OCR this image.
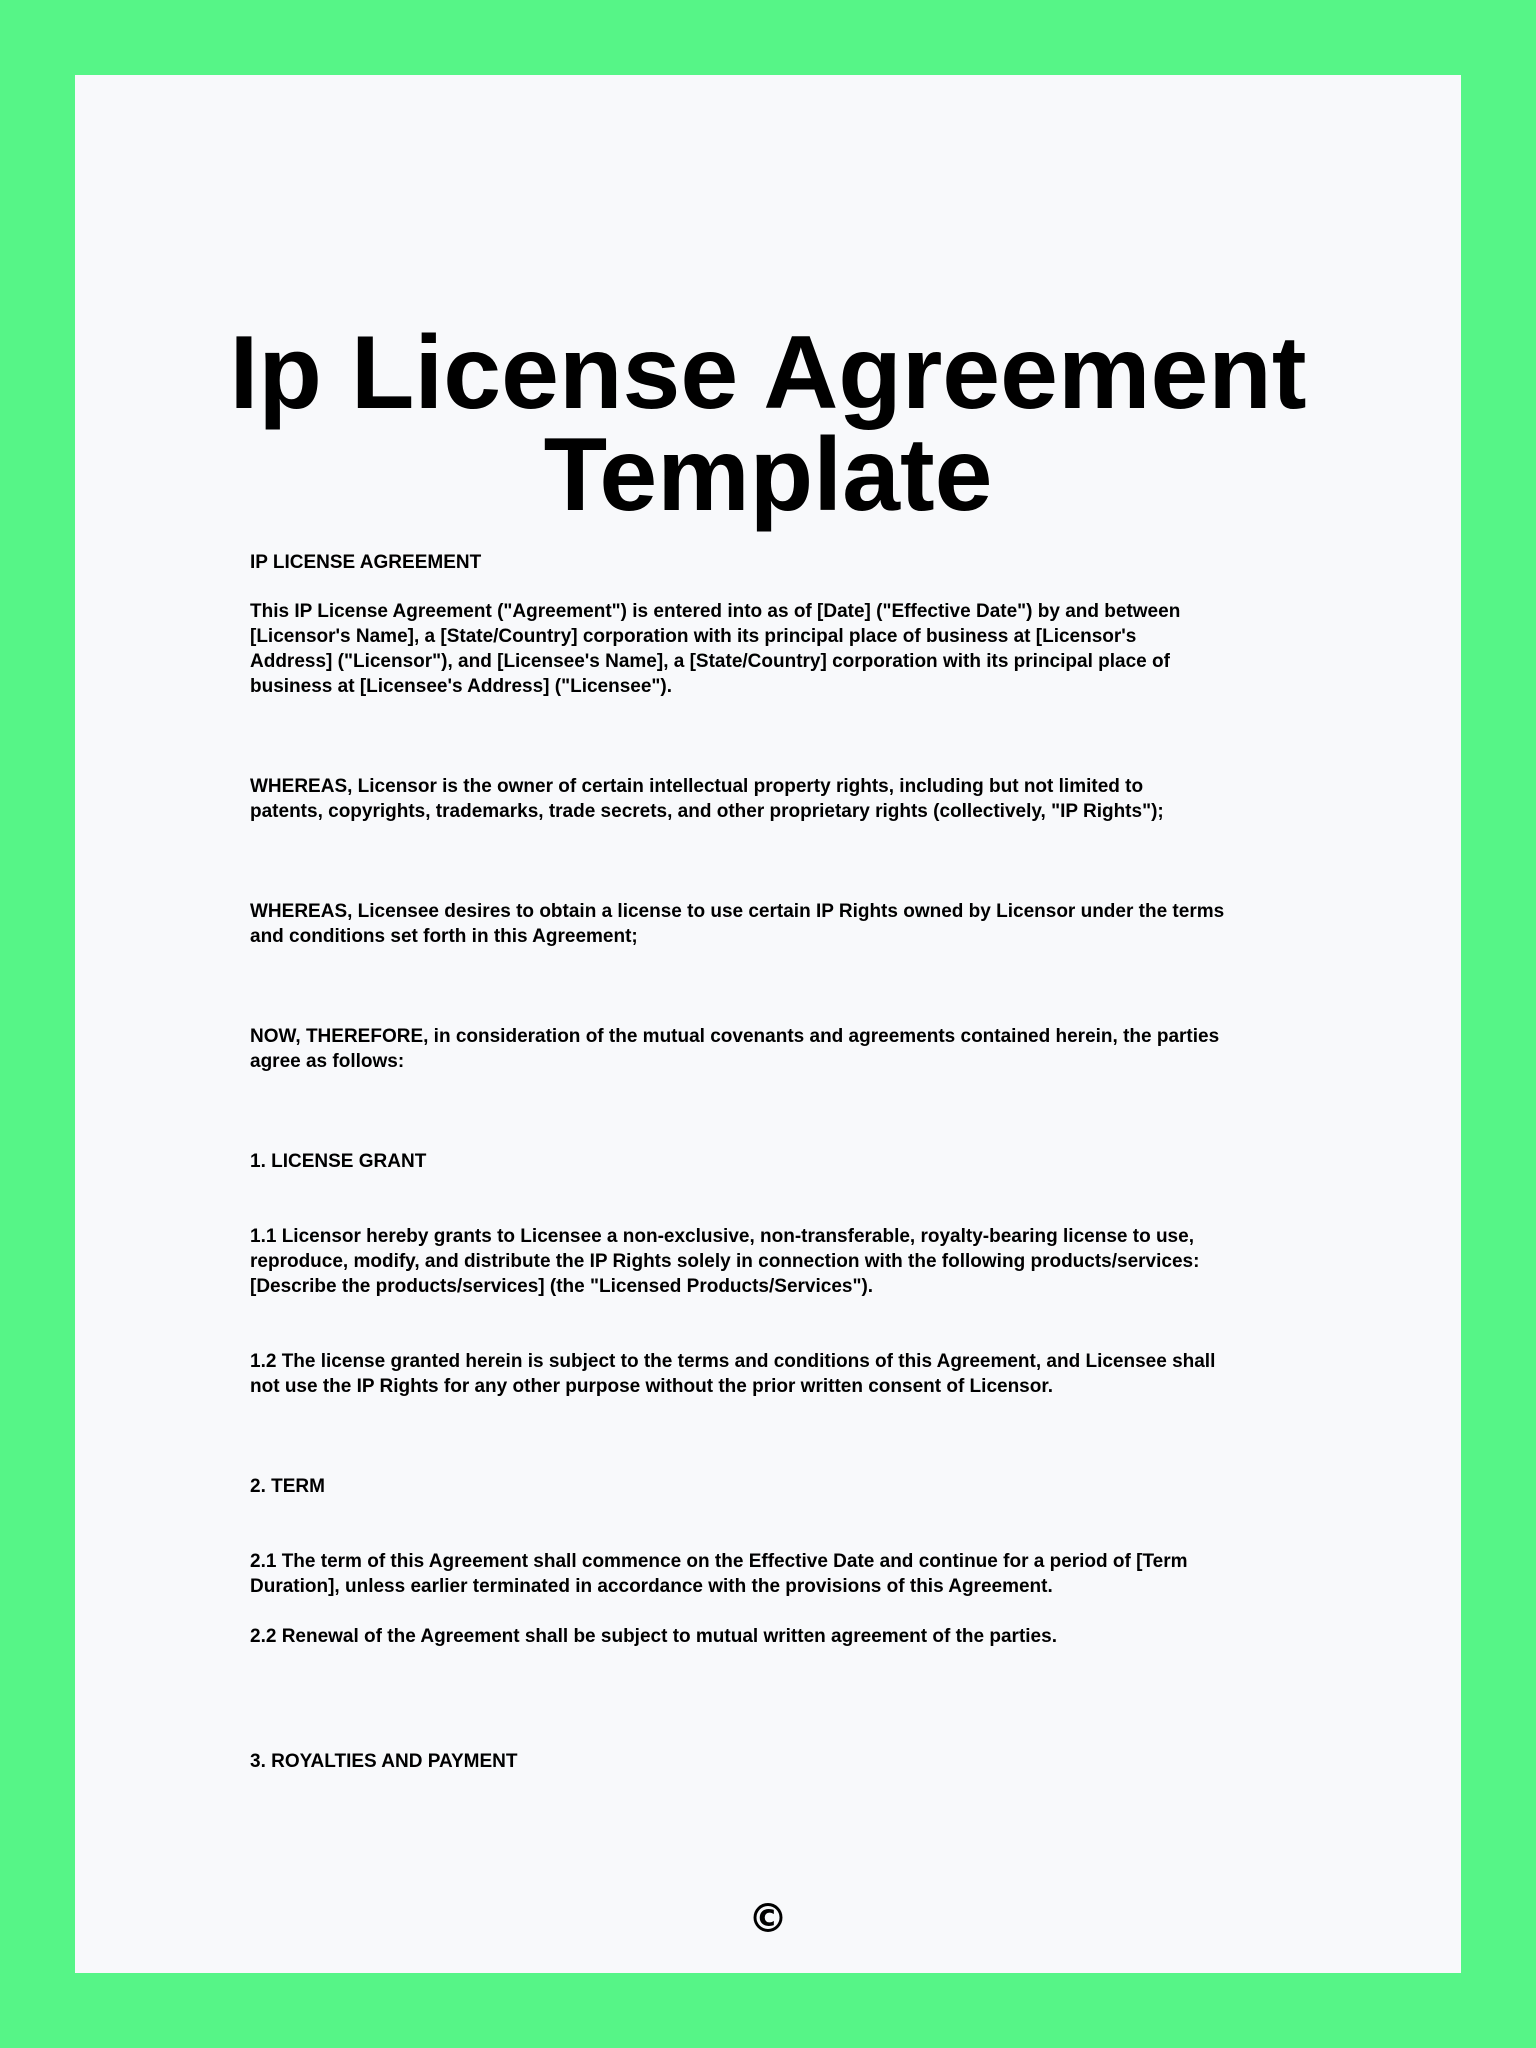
Ip License Agreement
Template

IP LICENSE AGREEMENT

This IP License Agreement ("Agreement") is entered into as of [Date] ("Effective Date") by and between
[Licensor's Name], a [State/Country] corporation with its principal place of business at [Licensor's
Address] ("Licensor"), and [Licensee's Name], a [State/Country] corporation with its principal place of
business at [Licensee's Address] ("Licensee").

WHEREAS, Licensor is the owner of certain intellectual property rights, including but not limited to
patents, copyrights, trademarks, trade secrets, and other proprietary rights (collectively, "IP Rights");

WHEREAS, Licensee desires to obtain a license to use certain IP Rights owned by Licensor under the terms
and conditions set forth in this Agreement;

NOW, THEREFORE, in consideration of the mutual covenants and agreements contained herein, the parties
agree as follows:

1. LICENSE GRANT

1.1 Licensor hereby grants to Licensee a non-exclusive, non-transferable, royalty-bearing license to use,
reproduce, modify, and distribute the IP Rights solely in connection with the following products/services:
[Describe the products/services] (the "Licensed Products/Services").

1.2 The license granted herein is subject to the terms and conditions of this Agreement, and Licensee shall
not use the IP Rights for any other purpose without the prior written consent of Licensor.

2. TERM

2.1 The term of this Agreement shall commence on the Effective Date and continue for a period of [Term
Duration], unless earlier terminated in accordance with the provisions of this Agreement.

2.2 Renewal of the Agreement shall be subject to mutual written agreement of the parties.

3. ROYALTIES AND PAYMENT

©
